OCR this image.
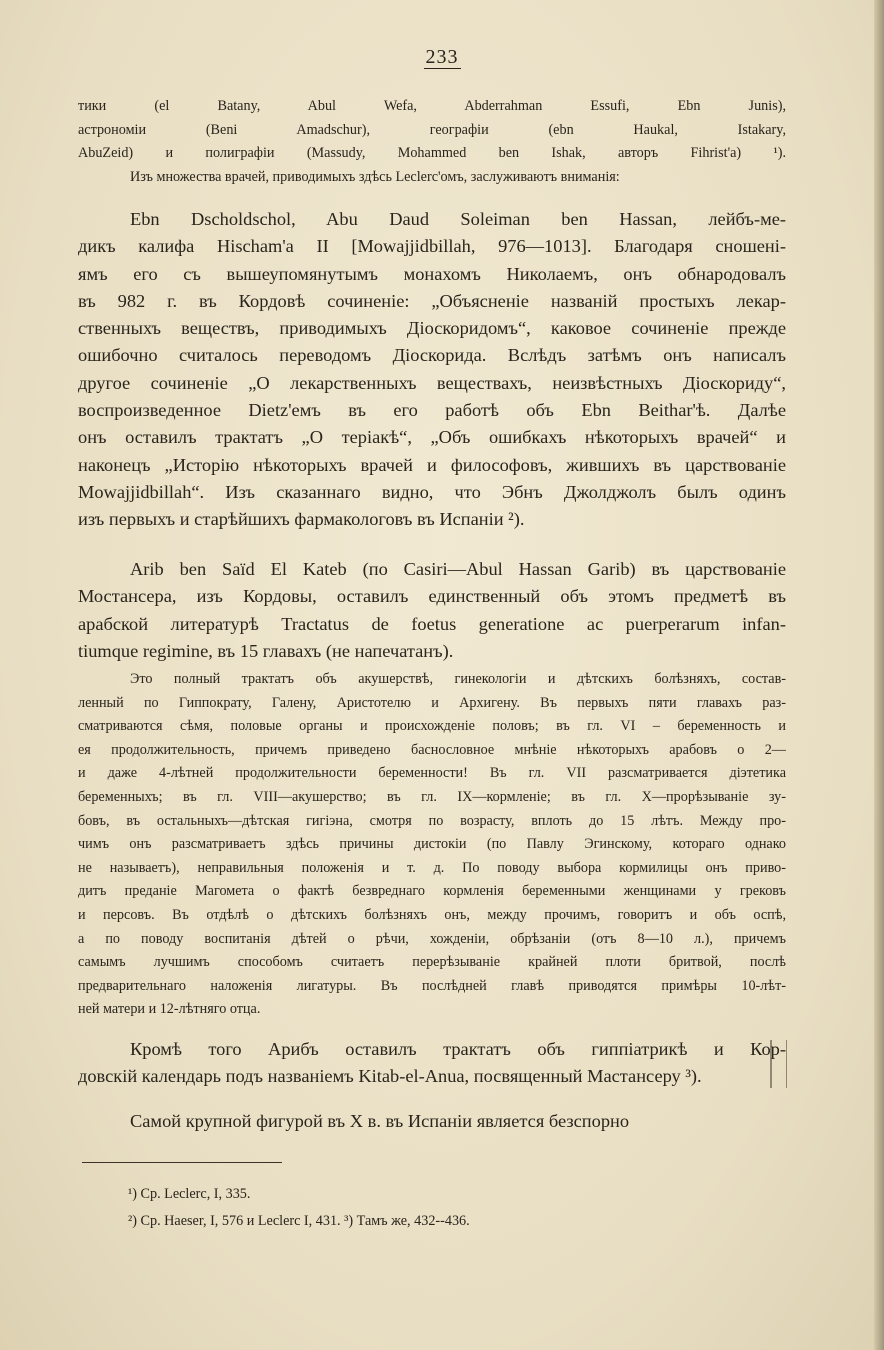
233
тики (el Batany, Abul Wefa, Abderrahman Essufi, Ebn Junis),
астрономіи (Beni Amadschur), географіи (ebn Haukal, Istakary,
AbuZeid) и полиграфіи (Massudy, Mohammed ben Ishak, авторъ Fihrist'a) ¹).
Изъ множества врачей, приводимыхъ здѣсь Leclerc'омъ, заслуживаютъ вниманія:
Ebn Dscholdschol, Abu Daud Soleiman ben Hassan, лейбъ-ме-
дикъ калифа Hischam'a II [Mowajjidbillah, 976—1013]. Благодаря сношені-
ямъ его съ вышеупомянутымъ монахомъ Николаемъ, онъ обнародовалъ
въ 982 г. въ Кордовѣ сочиненіе: „Объясненіе названій простыхъ лекар-
ственныхъ веществъ, приводимыхъ Діоскоридомъ“, каковое сочиненіе прежде
ошибочно считалось переводомъ Діоскорида. Вслѣдъ затѣмъ онъ написалъ
другое сочиненіе „О лекарственныхъ веществахъ, неизвѣстныхъ Діоскориду“,
воспроизведенное Dietz'емъ въ его работѣ объ Ebn Beithar'ѣ. Далѣе
онъ оставилъ трактатъ „О теріакѣ“, „Объ ошибкахъ нѣкоторыхъ врачей“ и
наконецъ „Исторію нѣкоторыхъ врачей и философовъ, жившихъ въ царствованіе
Mowajjidbillah“. Изъ сказаннаго видно, что Эбнъ Джолджолъ былъ одинъ
изъ первыхъ и старѣйшихъ фармакологовъ въ Испаніи ²).
Arib ben Saïd El Kateb (по Casiri—Abul Hassan Garib) въ царствованіе
Мостансера, изъ Кордовы, оставилъ единственный объ этомъ предметѣ въ
арабской литературѣ Tractatus de foetus generatione ac puerperarum infan-
tiumque regimine, въ 15 главахъ (не напечатанъ).
Это полный трактатъ объ акушерствѣ, гинекологіи и дѣтскихъ болѣзняхъ, состав-
ленный по Гиппократу, Галену, Аристотелю и Архигену. Въ первыхъ пяти главахъ раз-
сматриваются сѣмя, половые органы и происхожденіе половъ; въ гл. VI – беременность и
ея продолжительность, причемъ приведено баснословное мнѣніе нѣкоторыхъ арабовъ о 2—
и даже 4-лѣтней продолжительности беременности! Въ гл. VII разсматривается діэтетика
беременныхъ; въ гл. VIII—акушерство; въ гл. IX—кормленіе; въ гл. X—прорѣзываніе зу-
бовъ, въ остальныхъ—дѣтская гигіэна, смотря по возрасту, вплоть до 15 лѣтъ. Между про-
чимъ онъ разсматриваетъ здѣсь причины дистокіи (по Павлу Эгинскому, котораго однако
не называетъ), неправильныя положенія и т. д. По поводу выбора кормилицы онъ приво-
дитъ преданіе Магомета о фактѣ безвреднаго кормленія беременными женщинами у грековъ
и персовъ. Въ отдѣлѣ о дѣтскихъ болѣзняхъ онъ, между прочимъ, говоритъ и объ оспѣ,
а по поводу воспитанія дѣтей о рѣчи, хожденіи, обрѣзаніи (отъ 8—10 л.), причемъ
самымъ лучшимъ способомъ считаетъ перерѣзываніе крайней плоти бритвой, послѣ
предварительнаго наложенія лигатуры. Въ послѣдней главѣ приводятся примѣры 10-лѣт-
ней матери и 12-лѣтняго отца.
Кромѣ того Арибъ оставилъ трактатъ объ гиппіатрикѣ и Кор-
довскій календарь подъ названіемъ Kitab-el-Anua, посвященный Мастансеру ³).
Самой крупной фигурой въ X в. въ Испаніи является безспорно
¹) Ср. Leclerc, I, 335.
²) Ср. Haeser, I, 576 и Leclerc I, 431. ³) Тамъ же, 432--436.
